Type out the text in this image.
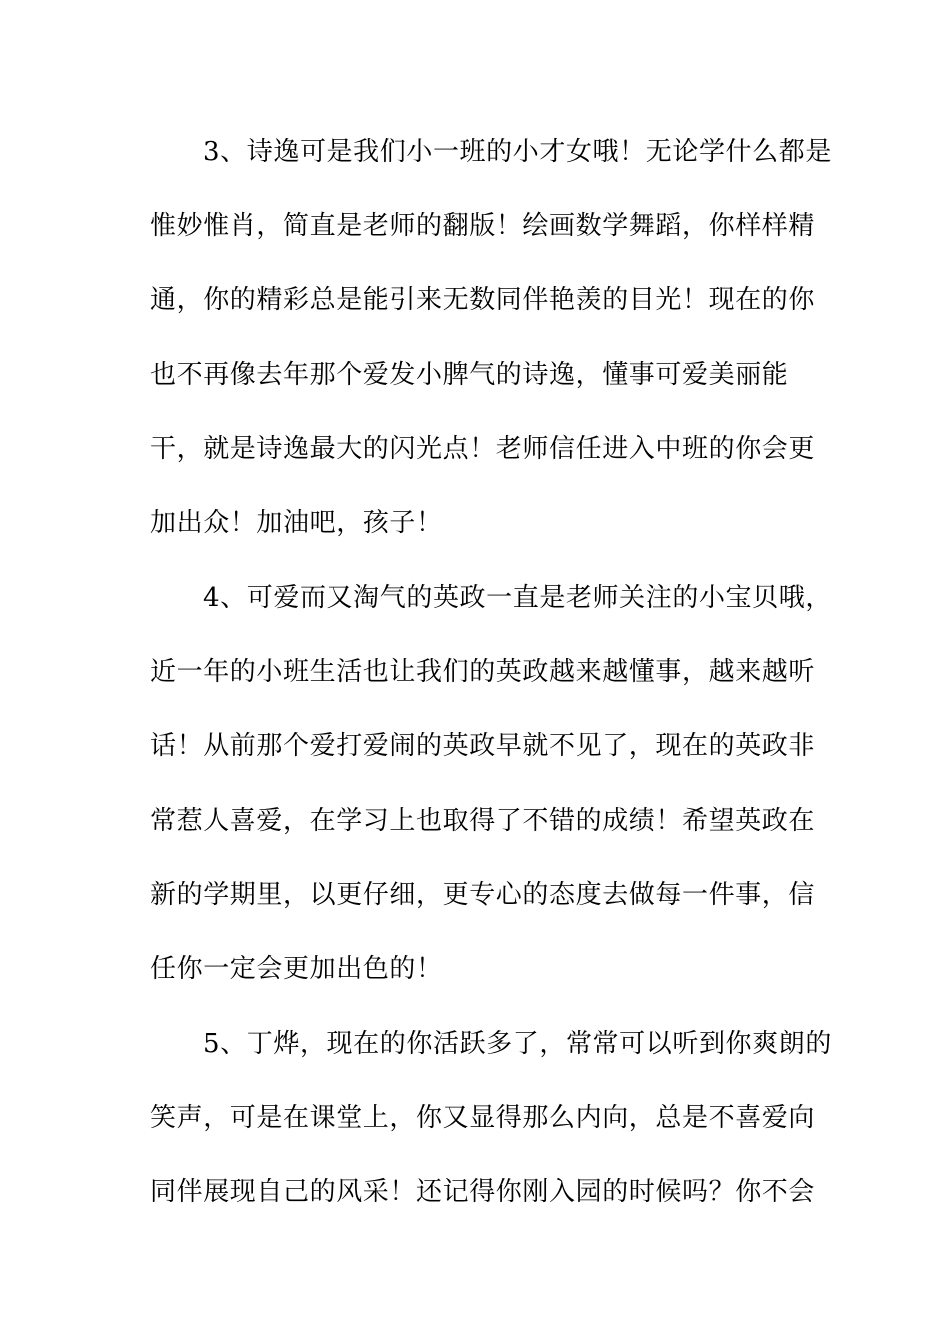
3、诗逸可是我们小一班的小才女哦！无论学什么都是
惟妙惟肖，简直是老师的翻版！绘画数学舞蹈，你样样精
通，你的精彩总是能引来无数同伴艳羡的目光！现在的你
也不再像去年那个爱发小脾气的诗逸，懂事可爱美丽能
干，就是诗逸最大的闪光点！老师信任进入中班的你会更
加出众！加油吧，孩子！
4、可爱而又淘气的英政一直是老师关注的小宝贝哦，
近一年的小班生活也让我们的英政越来越懂事，越来越听
话！从前那个爱打爱闹的英政早就不见了，现在的英政非
常惹人喜爱，在学习上也取得了不错的成绩！希望英政在
新的学期里，以更仔细，更专心的态度去做每一件事，信
任你一定会更加出色的！
5、丁烨，现在的你活跃多了，常常可以听到你爽朗的
笑声，可是在课堂上，你又显得那么内向，总是不喜爱向
同伴展现自己的风采！还记得你刚入园的时候吗？你不会
